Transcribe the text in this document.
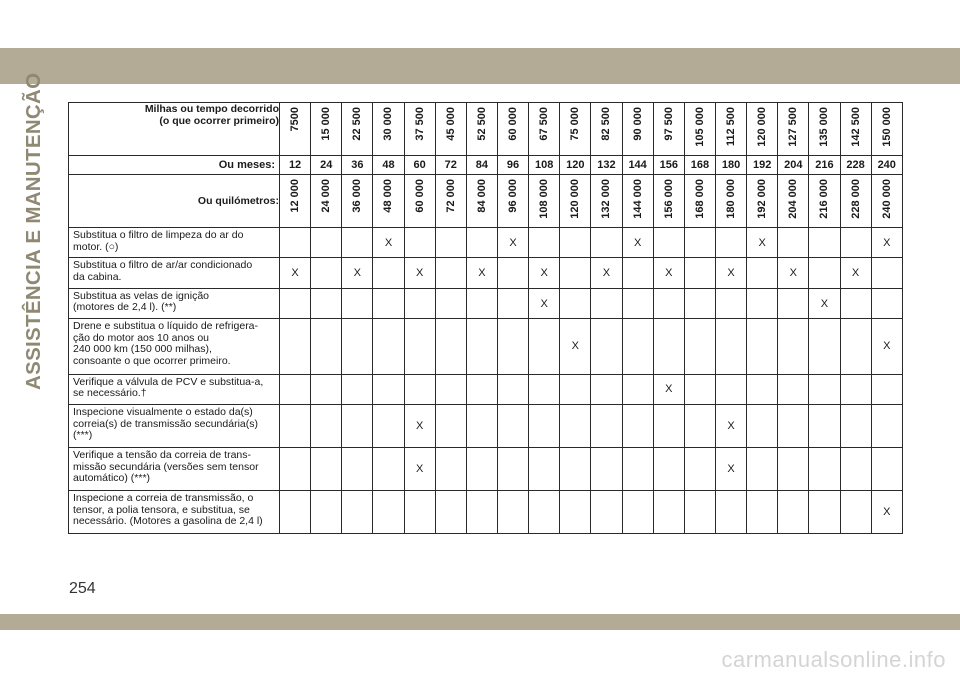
ASSISTÊNCIA E MANUTENÇÃO	Milhas ou tempo decorrido
(o que ocorrer primeiro)	7500	15 000	22 500	30 000	37 500	45 000	52 500	60 000	67 500	75 000	82 500	90 000	97 500	105 000	112 500	120 000	127 500	135 000	142 500	150 000

Ou meses:	12	24	36	48	60	72	84	96	108	120	132	144	156	168	180	192	204	216	228	240
Ou quilómetros:	12 000	24 000	36 000	48 000	60 000	72 000	84 000	96 000	108 000	120 000	132 000	144 000	156 000	168 000	180 000	192 000	204 000	216 000	228 000	240 000

Substitua o filtro de limpeza do ar do
motor. (○)				X				X				X				X				X

Substitua o filtro de ar/ar condicionado
da cabina.	X		X		X		X		X		X		X		X		X		X	

Substitua as velas de ignição
(motores de 2,4 l). (**)									X									X		

Drene e substitua o líquido de refrigera-
ção do motor aos 10 anos ou
240 000 km (150 000 milhas),
consoante o que ocorrer primeiro.										X										X

Verifique a válvula de PCV e substitua-a,
se necessário.†													X							

Inspecione visualmente o estado da(s)
correia(s) de transmissão secundária(s)
(***)					X										X					

Verifique a tensão da correia de trans-
missão secundária (versões sem tensor
automático) (***)					X										X					

Inspecione a correia de transmissão, o
tensor, a polia tensora, e substitua, se
necessário. (Motores a gasolina de 2,4 l)																				X
254
carmanualsonline.info
